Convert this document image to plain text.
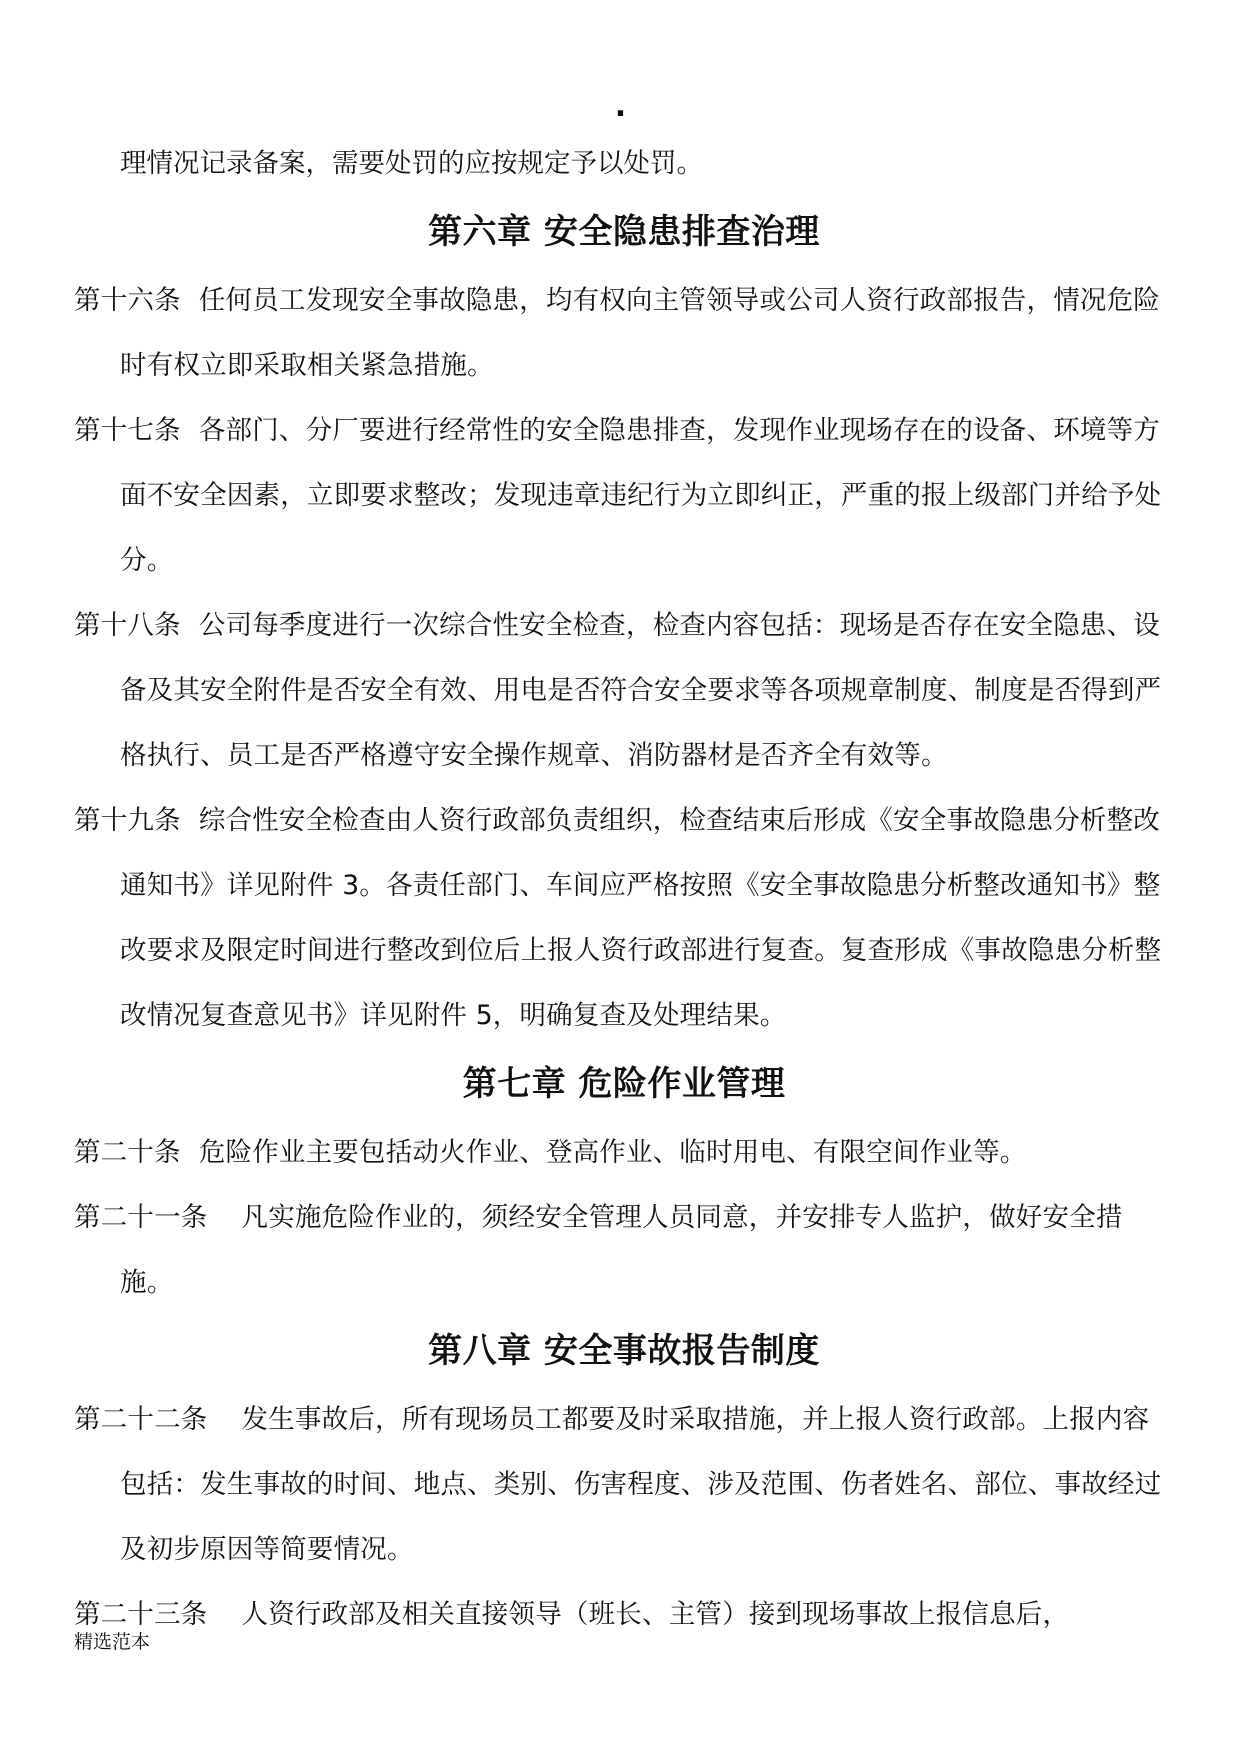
.

理情况记录备案，需要处罚的应按规定予以处罚。

第六章 安全隐患排查治理

第十六条 任何员工发现安全事故隐患，均有权向主管领导或公司人资行政部报告，情况危险时有权立即采取相关紧急措施。

第十七条 各部门、分厂要进行经常性的安全隐患排查，发现作业现场存在的设备、环境等方面不安全因素，立即要求整改；发现违章违纪行为立即纠正，严重的报上级部门并给予处分。

第十八条 公司每季度进行一次综合性安全检查，检查内容包括：现场是否存在安全隐患、设备及其安全附件是否安全有效、用电是否符合安全要求等各项规章制度、制度是否得到严格执行、员工是否严格遵守安全操作规章、消防器材是否齐全有效等。

第十九条 综合性安全检查由人资行政部负责组织，检查结束后形成《安全事故隐患分析整改通知书》详见附件 3。各责任部门、车间应严格按照《安全事故隐患分析整改通知书》整改要求及限定时间进行整改到位后上报人资行政部进行复查。复查形成《事故隐患分析整改情况复查意见书》详见附件 5，明确复查及处理结果。

第七章 危险作业管理

第二十条 危险作业主要包括动火作业、登高作业、临时用电、有限空间作业等。

第二十一条 凡实施危险作业的，须经安全管理人员同意，并安排专人监护，做好安全措施。

第八章 安全事故报告制度

第二十二条 发生事故后，所有现场员工都要及时采取措施，并上报人资行政部。上报内容包括：发生事故的时间、地点、类别、伤害程度、涉及范围、伤者姓名、部位、事故经过及初步原因等简要情况。

第二十三条 人资行政部及相关直接领导（班长、主管）接到现场事故上报信息后，

精选范本
